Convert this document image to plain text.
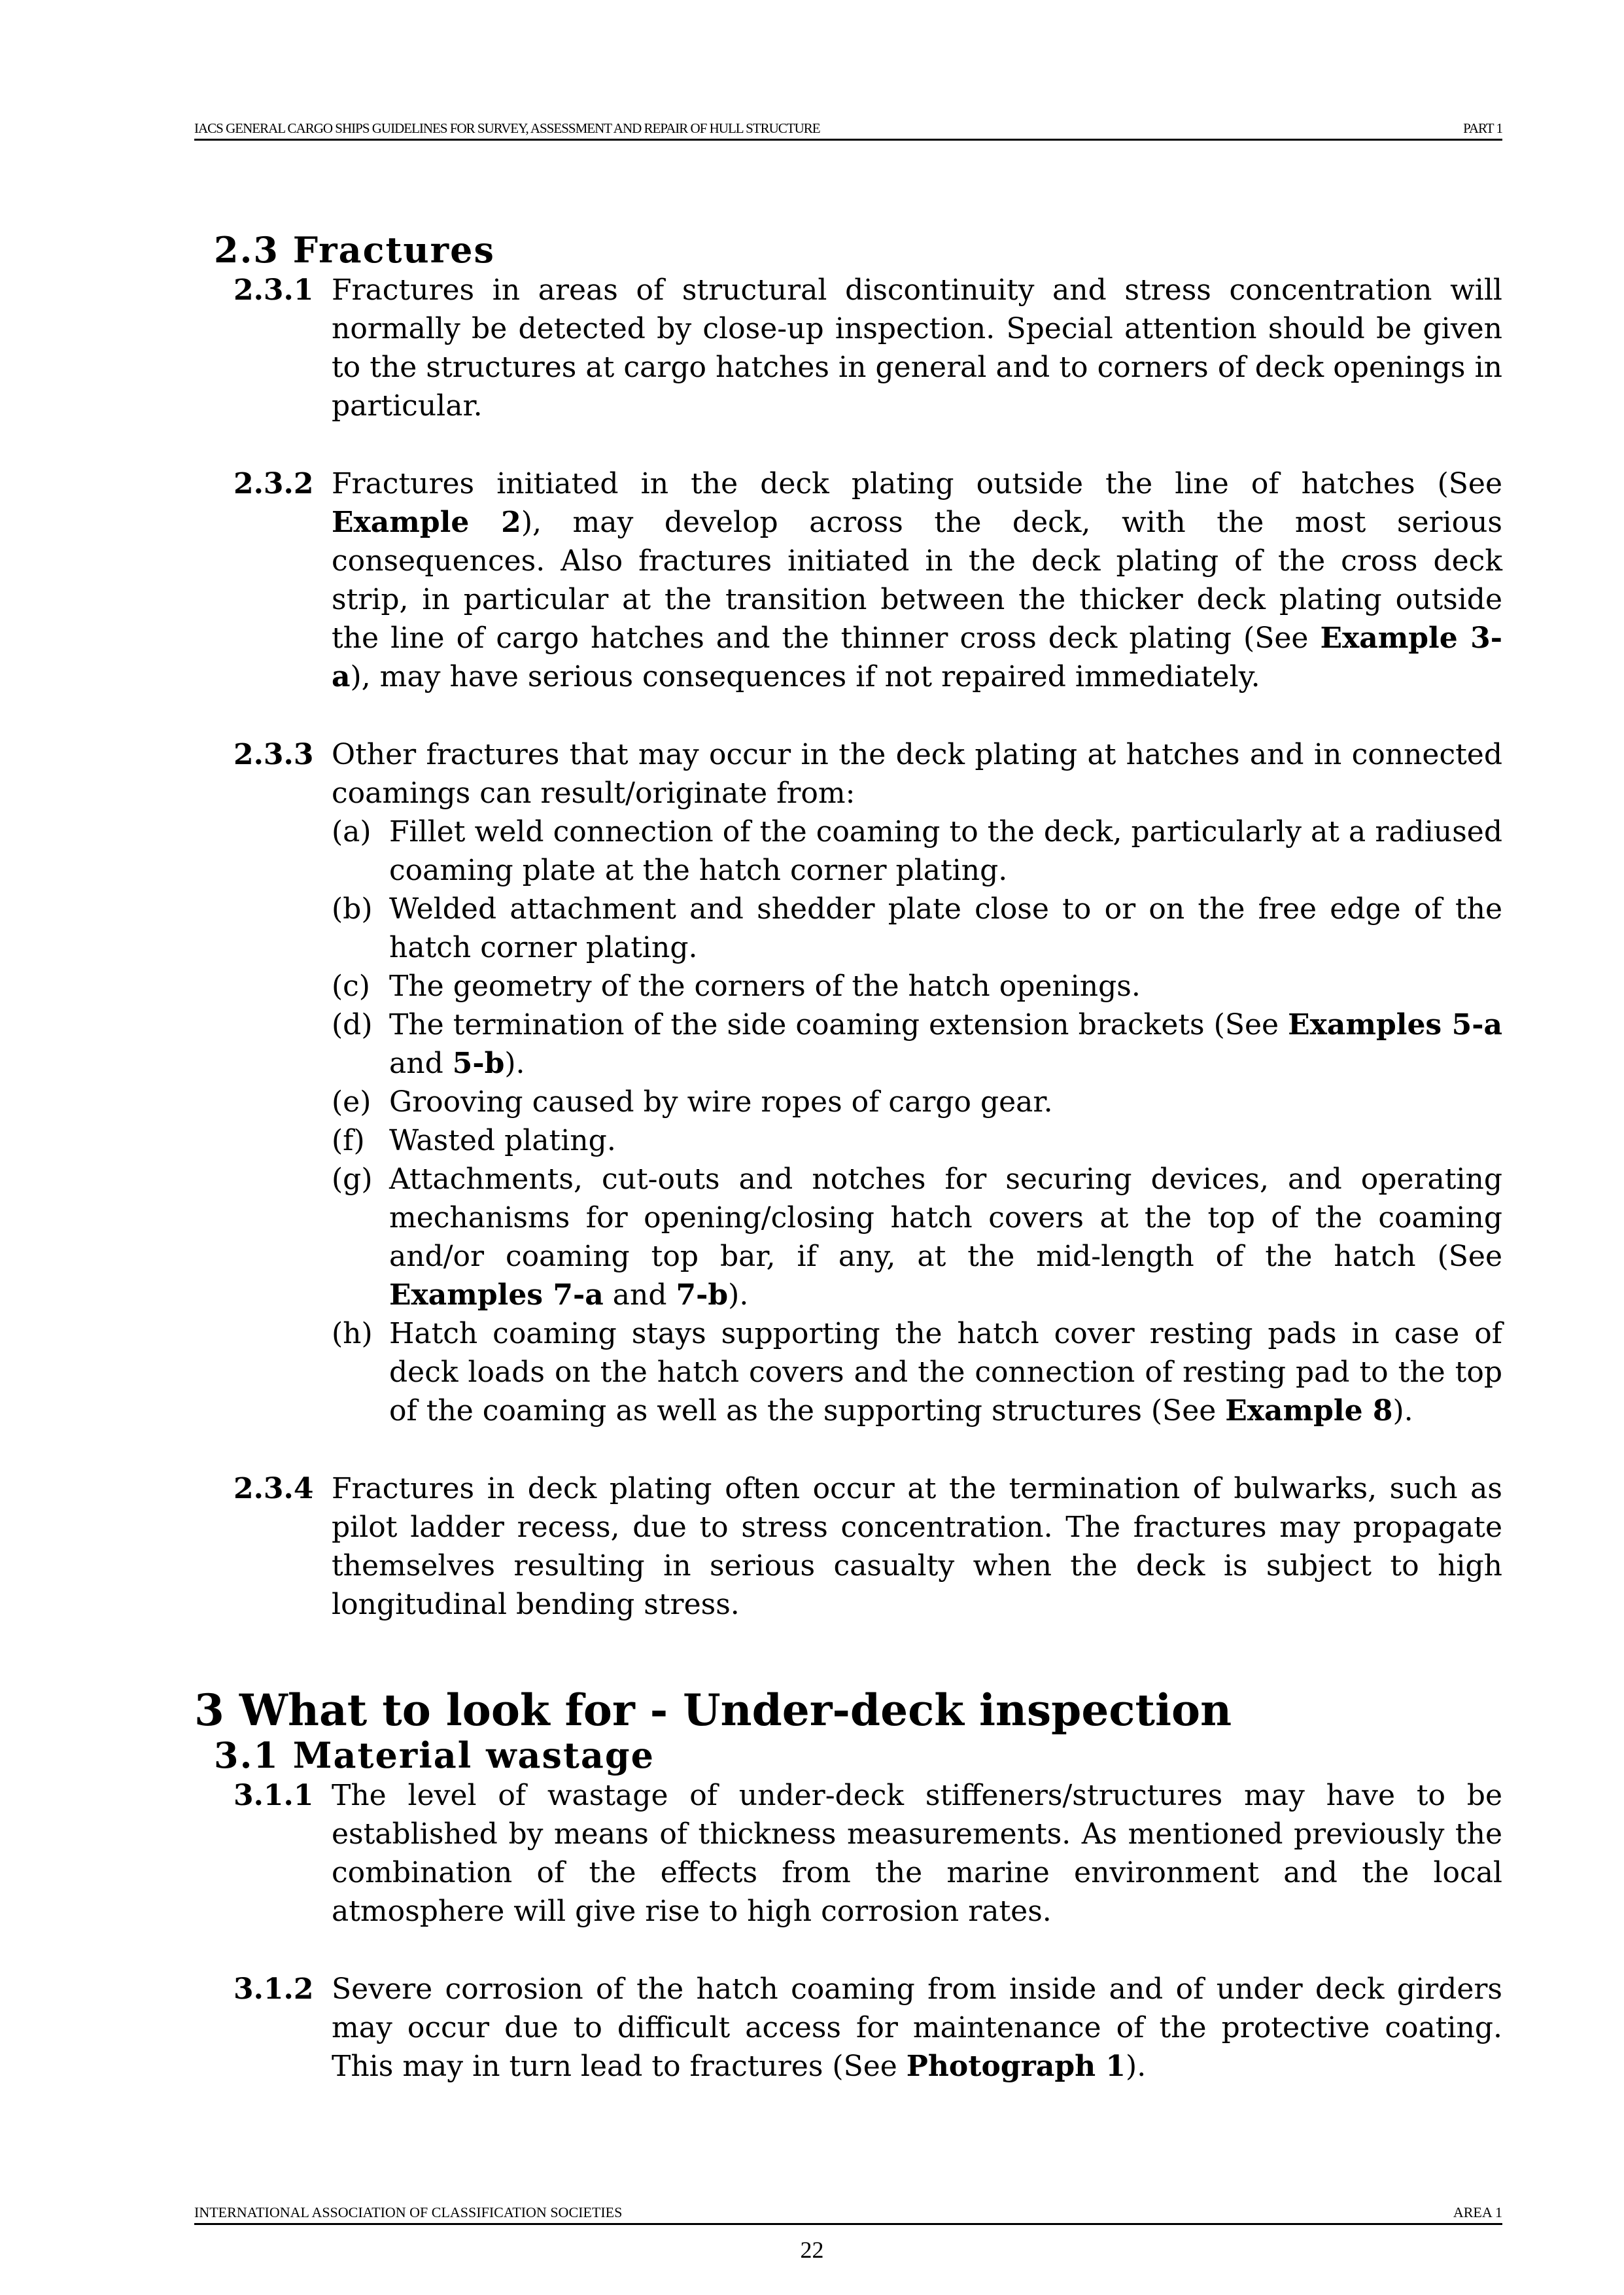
IACS GENERAL CARGO SHIPS GUIDELINES FOR SURVEY, ASSESSMENT AND REPAIR OF HULL STRUCTURE	PART 1
2.3 Fractures
2.3.1 Fractures in areas of structural discontinuity and stress concentration will normally be detected by close-up inspection. Special attention should be given to the structures at cargo hatches in general and to corners of deck openings in particular.
2.3.2 Fractures initiated in the deck plating outside the line of hatches (See Example 2), may develop across the deck, with the most serious consequences. Also fractures initiated in the deck plating of the cross deck strip, in particular at the transition between the thicker deck plating outside the line of cargo hatches and the thinner cross deck plating (See Example 3-a), may have serious consequences if not repaired immediately.
2.3.3 Other fractures that may occur in the deck plating at hatches and in connected coamings can result/originate from:
(a) Fillet weld connection of the coaming to the deck, particularly at a radiused coaming plate at the hatch corner plating.
(b) Welded attachment and shedder plate close to or on the free edge of the hatch corner plating.
(c) The geometry of the corners of the hatch openings.
(d) The termination of the side coaming extension brackets (See Examples 5-a and 5-b).
(e) Grooving caused by wire ropes of cargo gear.
(f) Wasted plating.
(g) Attachments, cut-outs and notches for securing devices, and operating mechanisms for opening/closing hatch covers at the top of the coaming and/or coaming top bar, if any, at the mid-length of the hatch (See Examples 7-a and 7-b).
(h) Hatch coaming stays supporting the hatch cover resting pads in case of deck loads on the hatch covers and the connection of resting pad to the top of the coaming as well as the supporting structures (See Example 8).
2.3.4 Fractures in deck plating often occur at the termination of bulwarks, such as pilot ladder recess, due to stress concentration. The fractures may propagate themselves resulting in serious casualty when the deck is subject to high longitudinal bending stress.
3 What to look for - Under-deck inspection
3.1 Material wastage
3.1.1 The level of wastage of under-deck stiffeners/structures may have to be established by means of thickness measurements. As mentioned previously the combination of the effects from the marine environment and the local atmosphere will give rise to high corrosion rates.
3.1.2 Severe corrosion of the hatch coaming from inside and of under deck girders may occur due to difficult access for maintenance of the protective coating. This may in turn lead to fractures (See Photograph 1).
INTERNATIONAL ASSOCIATION OF CLASSIFICATION SOCIETIES	AREA 1
22
